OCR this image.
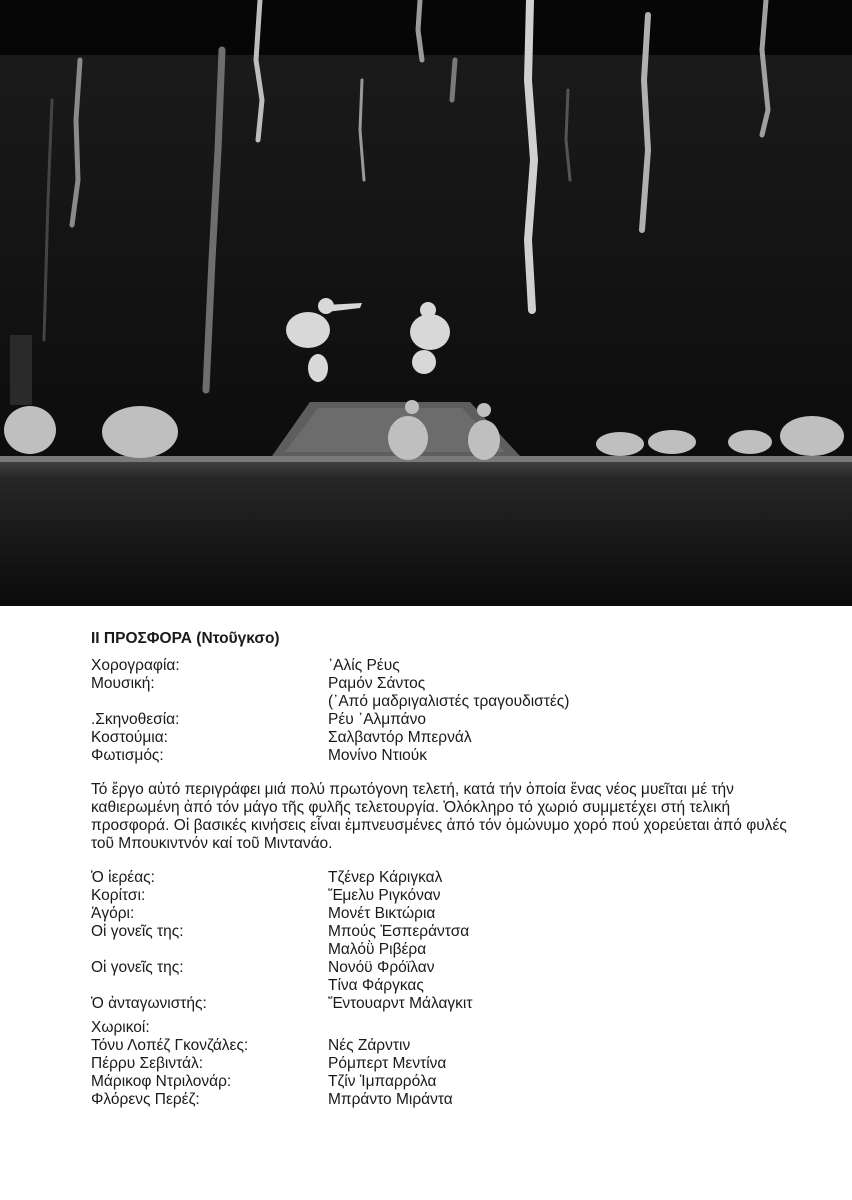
ΙΙ ΠΡΟΣΦΟΡΑ (Ντοῦγκσο)
Χορογραφία:	᾽Αλίς Ρέυς
Μουσική:	Ραμόν Σάντος
(᾽Από μαδριγαλιστές τραγουδιστές)
.Σκηνοθεσία:	Ρέυ ᾽Αλμπάνο
Κοστούμια:	Σαλβαντόρ Μπερνάλ
Φωτισμός:	Μονίνο Ντιούκ
Τό ἔργο αὐτό περιγράφει μιά πολύ πρωτόγονη τελετή, κατά τήν ὁποία ἕνας νέος μυεῖται μέ τήν καθιερωμένη ἀπό τόν μάγο τῆς φυλῆς τελετουργία. Ὁλόκληρο τό χωριό συμμετέχει στή τελική προσφορά. Οἱ βασικές κινήσεις εἶναι ἐμπνευσμένες ἀπό τόν ὁμώνυμο χορό πού χορεύεται ἀπό φυλές τοῦ Μπουκιντνόν καί τοῦ Μιντανάο.
Ὁ ἱερέας:	Τζένερ Κάριγκαλ
Κορίτσι:	Ἔμελυ Ριγκόναν
Ἀγόρι:	Μονέτ Βικτώρια
Οἱ γονεῖς της:	Μπούς Ἐσπεράντσα
Μαλόῢ Ριβέρα
Οἱ γονεῖς της:	Νονόϋ Φρόϊλαν
Τίνα Φάργκας
Ὁ ἀνταγωνιστής:	Ἔντουαρντ Μάλαγκιτ
Χωρικοί:
Τόνυ Λοπέζ Γκονζάλες:	Νές Ζάρντιν
Πέρρυ Σεβιντάλ:	Ρόμπερτ Μεντίνα
Μάρικοφ Ντριλονάρ:	Τζίν Ἰμπαρρόλα
Φλόρενς Περέζ:	Μπράντο Μιράντα
